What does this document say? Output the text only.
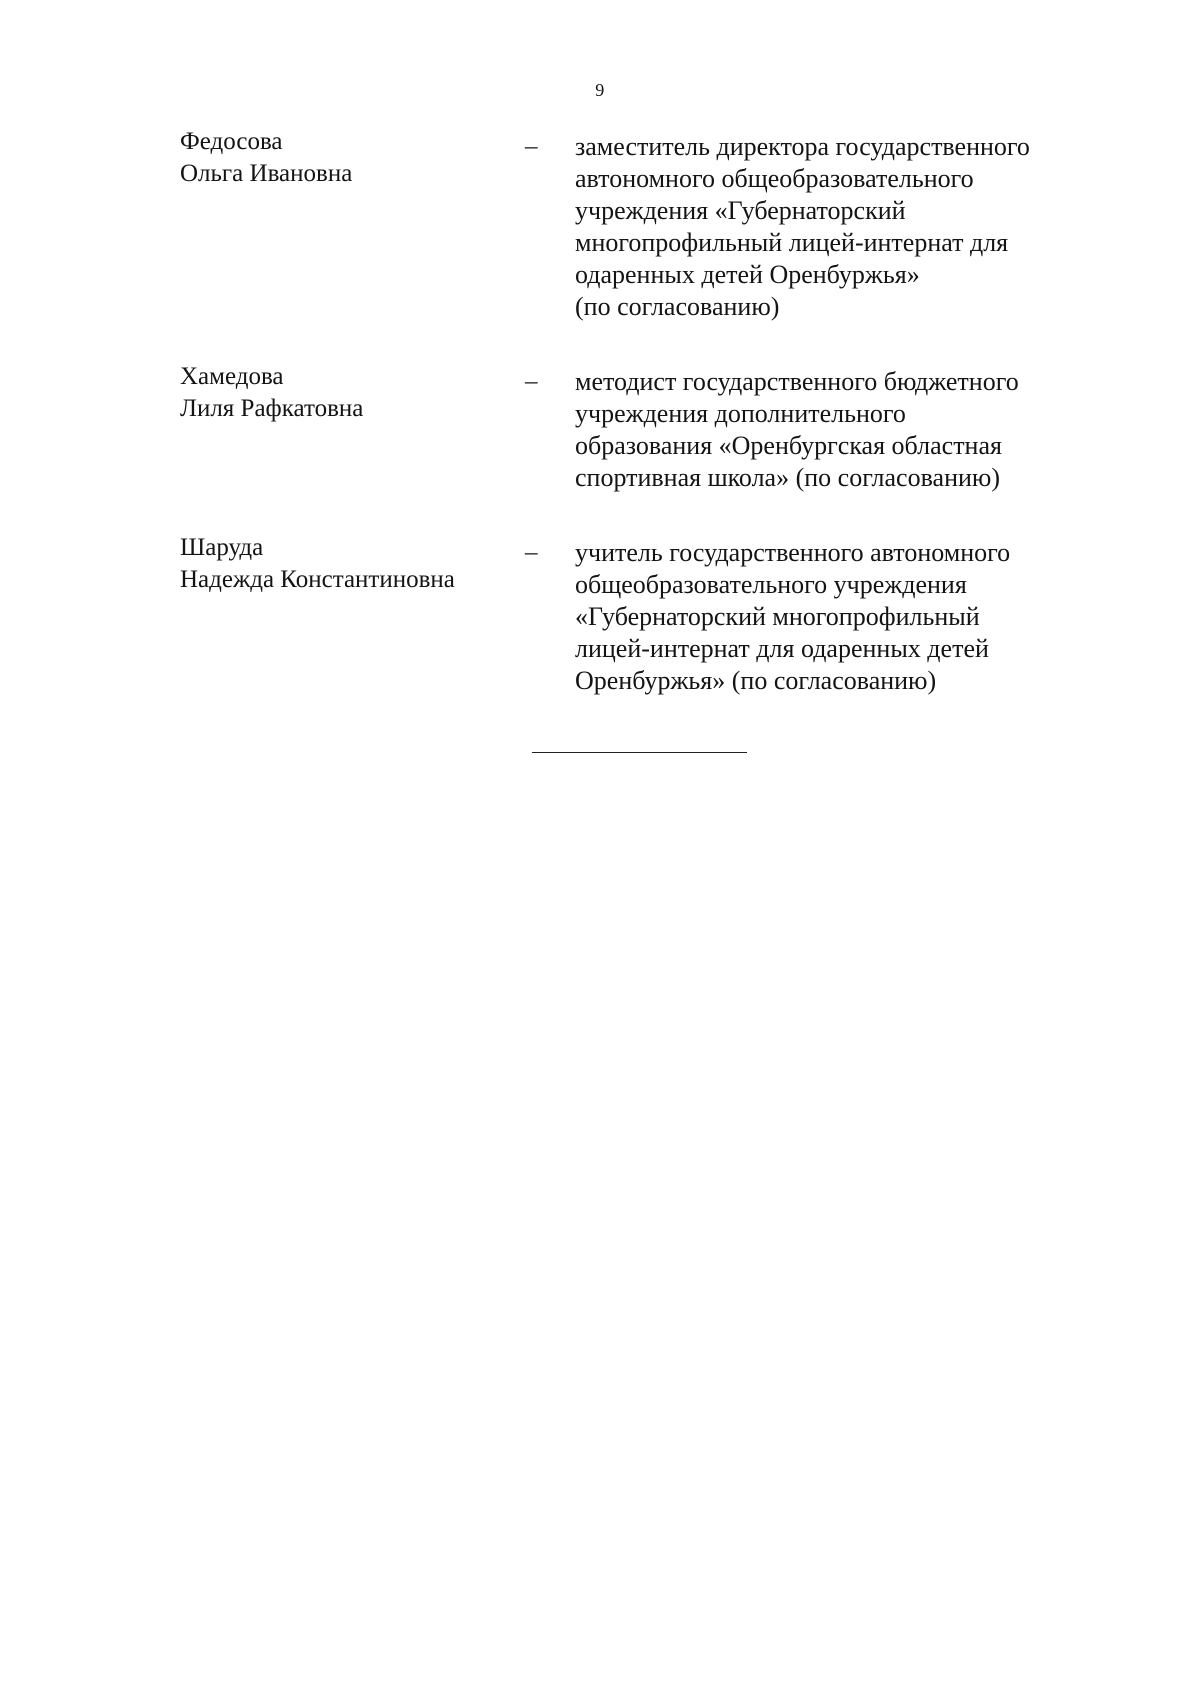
9
Федосова
Ольга Ивановна
–	заместитель директора государственного
автономного общеобразовательного
учреждения «Губернаторский
многопрофильный лицей-интернат для
одаренных детей Оренбуржья»
(по согласованию)
Хамедова
Лиля Рафкатовна
–	методист государственного бюджетного
учреждения дополнительного
образования «Оренбургская областная
спортивная школа» (по согласованию)
Шаруда
Надежда Константиновна
–	учитель государственного автономного
общеобразовательного учреждения
«Губернаторский многопрофильный
лицей-интернат для одаренных детей
Оренбуржья» (по согласованию)
